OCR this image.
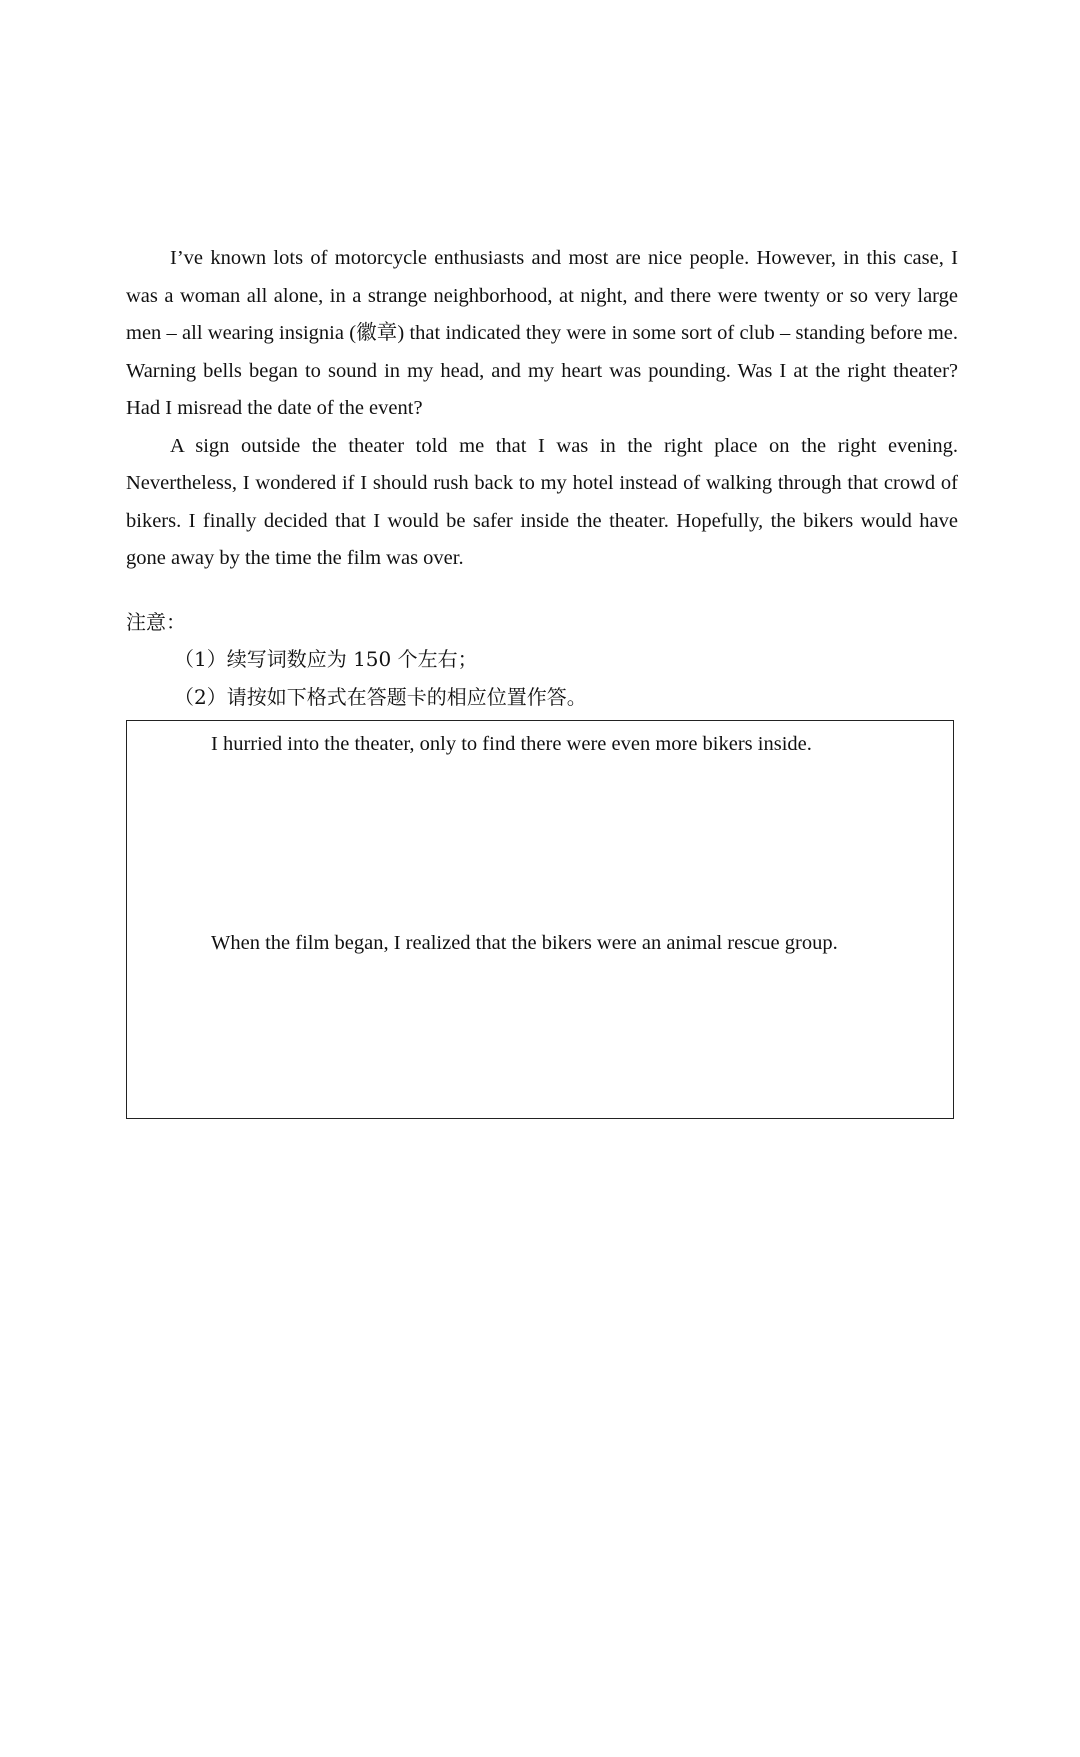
I’ve known lots of motorcycle enthusiasts and most are nice people. However, in this case, I was a woman all alone, in a strange neighborhood, at night, and there were twenty or so very large men – all wearing insignia (徽章) that indicated they were in some sort of club – standing before me. Warning bells began to sound in my head, and my heart was pounding. Was I at the right theater? Had I misread the date of the event?

A sign outside the theater told me that I was in the right place on the right evening. Nevertheless, I wondered if I should rush back to my hotel instead of walking through that crowd of bikers. I finally decided that I would be safer inside the theater. Hopefully, the bikers would have gone away by the time the film was over.

注意：
（1）续写词数应为 150 个左右；
（2）请按如下格式在答题卡的相应位置作答。
I hurried into the theater, only to find there were even more bikers inside.
When the film began, I realized that the bikers were an animal rescue group.
